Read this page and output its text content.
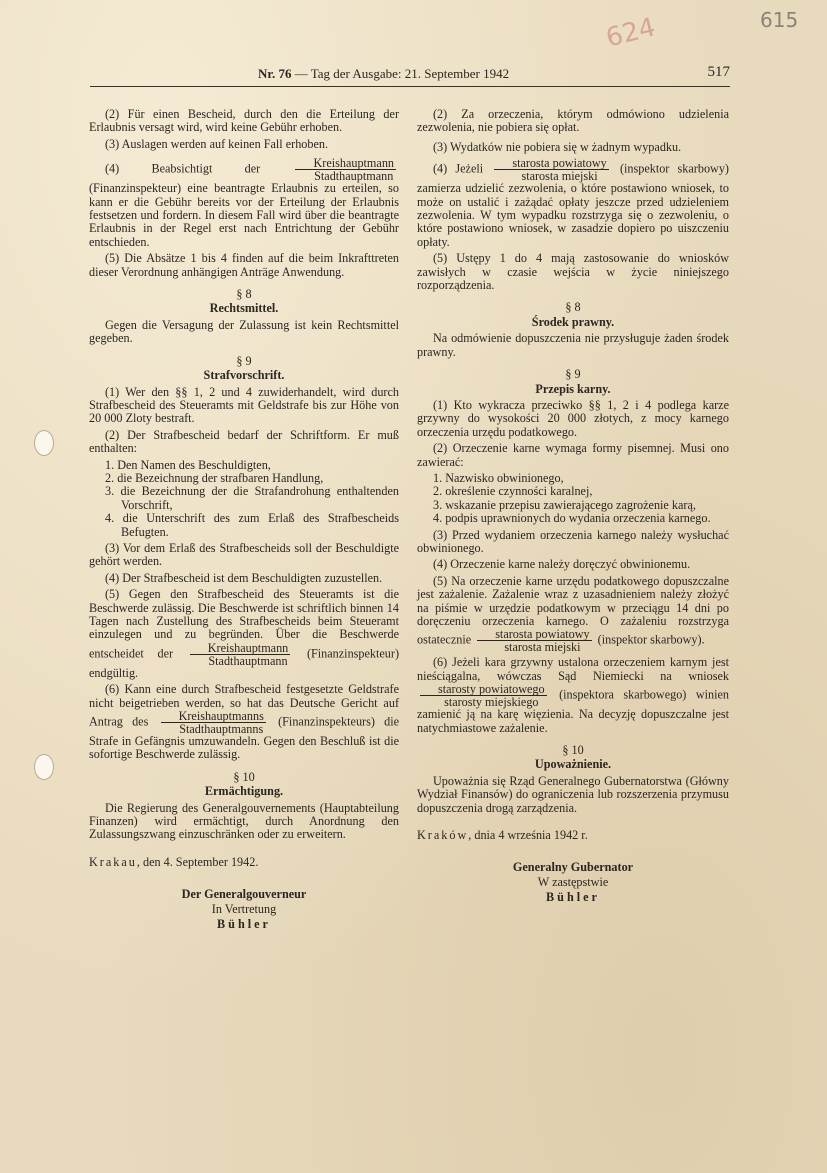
615
624
Nr. 76 — Tag der Ausgabe: 21. September 1942	517

(2) Für einen Bescheid, durch den die Erteilung der Erlaubnis versagt wird, wird keine Gebühr erhoben.

(3) Auslagen werden auf keinen Fall erhoben.

(4) Beabsichtigt der	$\frac{\text{Kreishauptmann}}{\text{Stadthauptmann}}$
(Finanzinspekteur) eine beantragte Erlaubnis zu erteilen, so kann er die Gebühr bereits vor der Erteilung der Erlaubnis festsetzen und fordern. In diesem Fall wird über die beantragte Erlaubnis in der Regel erst nach Entrichtung der Gebühr entschieden.

(5) Die Absätze 1 bis 4 finden auf die beim Inkrafttreten dieser Verordnung anhängigen Anträge Anwendung.

§ 8
Rechtsmittel.

Gegen die Versagung der Zulassung ist kein Rechtsmittel gegeben.

§ 9
Strafvorschrift.

(1) Wer den §§ 1, 2 und 4 zuwiderhandelt, wird durch Strafbescheid des Steueramts mit Geldstrafe bis zur Höhe von 20 000 Zloty bestraft.

(2) Der Strafbescheid bedarf der Schriftform. Er muß enthalten:

1. Den Namen des Beschuldigten,
2. die Bezeichnung der strafbaren Handlung,
3. die Bezeichnung der die Strafandrohung enthaltenden Vorschrift,
4. die Unterschrift des zum Erlaß des Strafbescheids Befugten.

(3) Vor dem Erlaß des Strafbescheids soll der Beschuldigte gehört werden.

(4) Der Strafbescheid ist dem Beschuldigten zuzustellen.

(5) Gegen den Strafbescheid des Steueramts ist die Beschwerde zulässig. Die Beschwerde ist schriftlich binnen 14 Tagen nach Zustellung des Strafbescheids beim Steueramt einzulegen und zu begründen. Über die Beschwerde entscheidet der $\frac{\text{Kreishauptmann}}{\text{Stadthauptmann}}$ (Finanzinspekteur) endgültig.

(6) Kann eine durch Strafbescheid festgesetzte Geldstrafe nicht beigetrieben werden, so hat das Deutsche Gericht auf Antrag des $\frac{\text{Kreishauptmanns}}{\text{Stadthauptmanns}}$ (Finanzinspekteurs) die Strafe in Gefängnis umzuwandeln. Gegen den Beschluß ist die sofortige Beschwerde zulässig.

§ 10
Ermächtigung.

Die Regierung des Generalgouvernements (Hauptabteilung Finanzen) wird ermächtigt, durch Anordnung den Zulassungszwang einzuschränken oder zu erweitern.

Krakau, den 4. September 1942.

Der Generalgouverneur
In Vertretung
Bühler

(2) Za orzeczenia, którym odmówiono udzielenia zezwolenia, nie pobiera się opłat.

(3) Wydatków nie pobiera się w żadnym wypadku.

(4) Jeżeli $\frac{\text{starosta powiatowy}}{\text{starosta miejski}}$ (inspektor skarbowy) zamierza udzielić zezwolenia, o które postawiono wniosek, to może on ustalić i zażądać opłaty jeszcze przed udzieleniem zezwolenia. W tym wypadku rozstrzyga się o zezwoleniu, o które postawiono wniosek, w zasadzie dopiero po uiszczeniu opłaty.

(5) Ustępy 1 do 4 mają zastosowanie do wniosków zawisłych w czasie wejścia w życie niniejszego rozporządzenia.

§ 8
Środek prawny.

Na odmówienie dopuszczenia nie przysługuje żaden środek prawny.

§ 9
Przepis karny.

(1) Kto wykracza przeciwko §§ 1, 2 i 4 podlega karze grzywny do wysokości 20 000 złotych, z mocy karnego orzeczenia urzędu podatkowego.

(2) Orzeczenie karne wymaga formy pisemnej. Musi ono zawierać:

1. Nazwisko obwinionego,
2. określenie czynności karalnej,
3. wskazanie przepisu zawierającego zagrożenie karą,
4. podpis uprawnionych do wydania orzeczenia karnego.

(3) Przed wydaniem orzeczenia karnego należy wysłuchać obwinionego.

(4) Orzeczenie karne należy doręczyć obwinionemu.

(5) Na orzeczenie karne urzędu podatkowego dopuszczalne jest zażalenie. Zażalenie wraz z uzasadnieniem należy złożyć na piśmie w urzędzie podatkowym w przeciągu 14 dni po doręczeniu orzeczenia karnego. O zażaleniu rozstrzyga ostatecznie $\frac{\text{starosta powiatowy}}{\text{starosta miejski}}$ (inspektor skarbowy).

(6) Jeżeli kara grzywny ustalona orzeczeniem karnym jest nieściągalna, wówczas Sąd Niemiecki na wniosek
$\frac{\text{starosty powiatowego}}{\text{starosty miejskiego}}$ (inspektora skarbowego) winien zamienić ją na karę więzienia. Na decyzję dopuszczalne jest natychmiastowe zażalenie.

§ 10
Upoważnienie.

Upoważnia się Rząd Generalnego Gubernatorstwa (Główny Wydział Finansów) do ograniczenia lub rozszerzenia przymusu dopuszczenia drogą zarządzenia.

Kraków, dnia 4 września 1942 r.

Generalny Gubernator
W zastępstwie
Bühler
